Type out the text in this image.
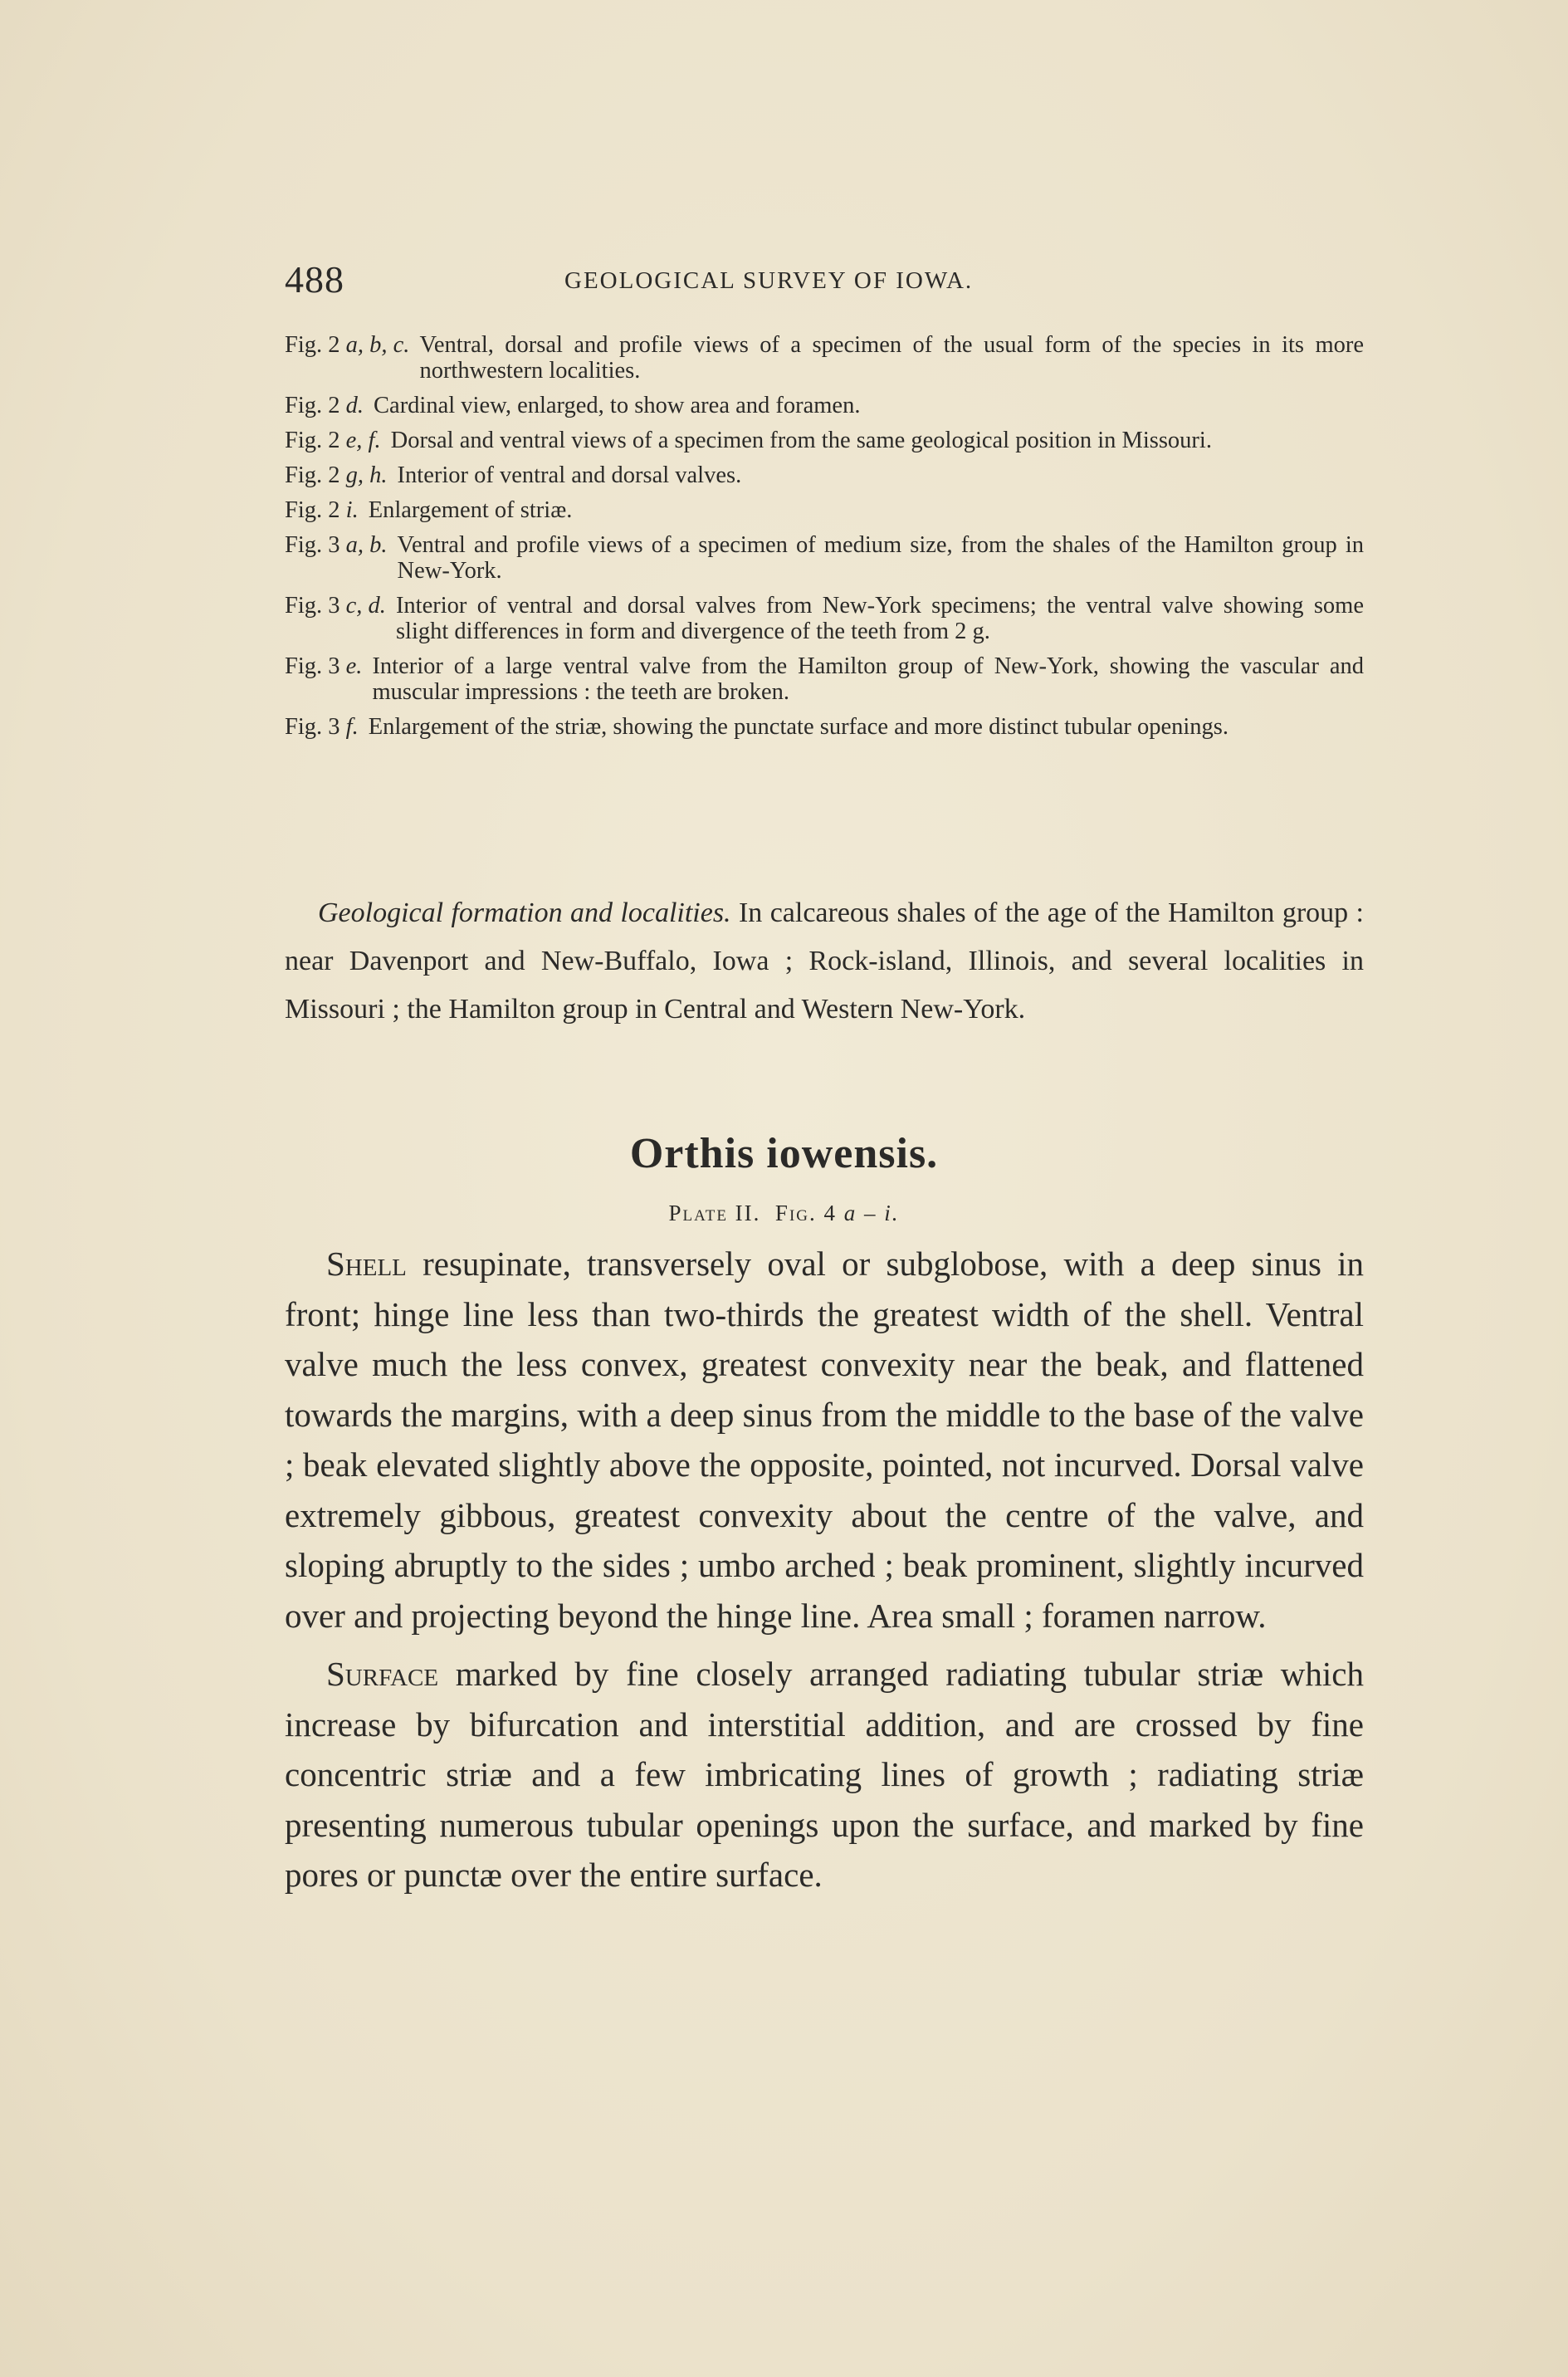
488	GEOLOGICAL SURVEY OF IOWA.
Fig. 2 a, b, c. Ventral, dorsal and profile views of a specimen of the usual form of the species in its more northwestern localities.
Fig. 2 d. Cardinal view, enlarged, to show area and foramen.
Fig. 2 e, f. Dorsal and ventral views of a specimen from the same geological position in Missouri.
Fig. 2 g, h. Interior of ventral and dorsal valves.
Fig. 2 i. Enlargement of striæ.
Fig. 3 a, b. Ventral and profile views of a specimen of medium size, from the shales of the Hamilton group in New-York.
Fig. 3 c, d. Interior of ventral and dorsal valves from New-York specimens; the ventral valve showing some slight differences in form and divergence of the teeth from 2 g.
Fig. 3 e. Interior of a large ventral valve from the Hamilton group of New-York, showing the vascular and muscular impressions : the teeth are broken.
Fig. 3 f. Enlargement of the striæ, showing the punctate surface and more distinct tubular openings.

Geological formation and localities. In calcareous shales of the age of the Hamilton group : near Davenport and New-Buffalo, Iowa ; Rock-island, Illinois, and several localities in Missouri ; the Hamilton group in Central and Western New-York.

Orthis iowensis.
Plate II. Fig. 4 a – i.

Shell resupinate, transversely oval or subglobose, with a deep sinus in front; hinge line less than two-thirds the greatest width of the shell. Ventral valve much the less convex, greatest convexity near the beak, and flattened towards the margins, with a deep sinus from the middle to the base of the valve ; beak elevated slightly above the opposite, pointed, not incurved. Dorsal valve extremely gibbous, greatest convexity about the centre of the valve, and sloping abruptly to the sides ; umbo arched ; beak prominent, slightly incurved over and projecting beyond the hinge line. Area small ; foramen narrow.

Surface marked by fine closely arranged radiating tubular striæ which increase by bifurcation and interstitial addition, and are crossed by fine concentric striæ and a few imbricating lines of growth ; radiating striæ presenting numerous tubular openings upon the surface, and marked by fine pores or punctæ over the entire surface.
